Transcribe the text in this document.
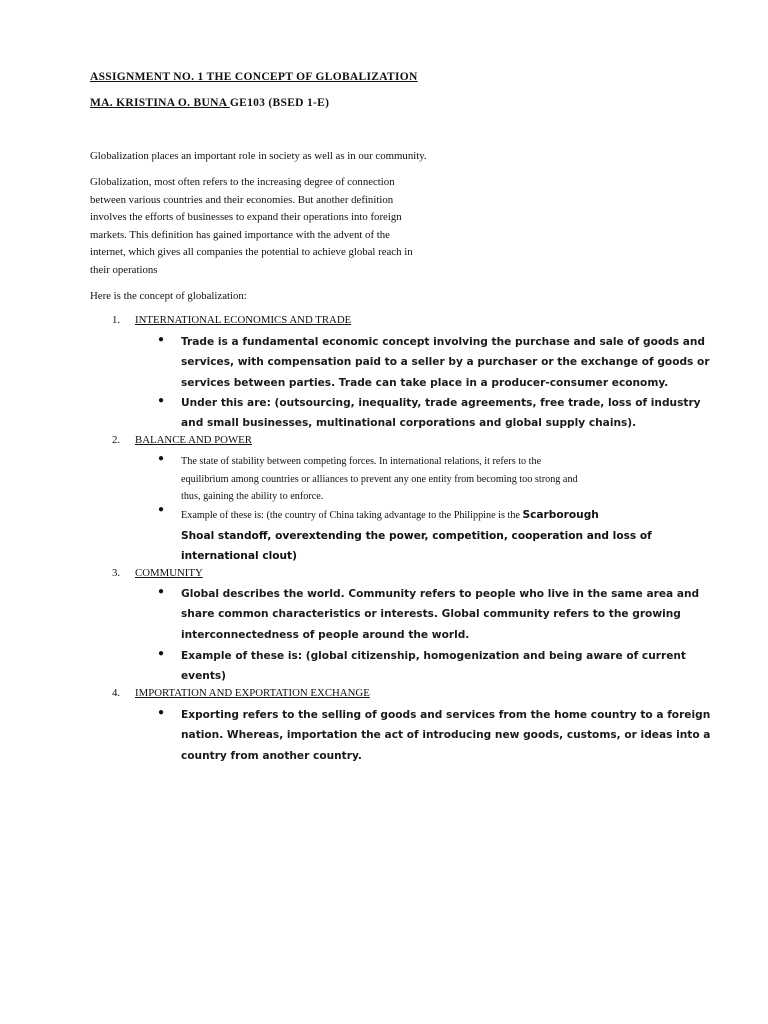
ASSIGNMENT NO. 1 THE CONCEPT OF GLOBALIZATION
MA. KRISTINA O. BUNA GE103 (BSED 1-E)
Globalization places an important role in society as well as in our community.
Globalization, most often refers to the increasing degree of connection
between various countries and their economies. But another definition
involves the efforts of businesses to expand their operations into foreign
markets. This definition has gained importance with the advent of the
internet, which gives all companies the potential to achieve global reach in
their operations
Here is the concept of globalization:
1. INTERNATIONAL ECONOMICS AND TRADE
● Trade is a fundamental economic concept involving the purchase and sale of goods and
services, with compensation paid to a seller by a purchaser or the exchange of goods or
services between parties. Trade can take place in a producer-consumer economy.
● Under this are: (outsourcing, inequality, trade agreements, free trade, loss of industry
and small businesses, multinational corporations and global supply chains).
2. BALANCE AND POWER
● The state of stability between competing forces. In international relations, it refers to the
equilibrium among countries or alliances to prevent any one entity from becoming too strong and
thus, gaining the ability to enforce.
●
Example of these is: (the country of China taking advantage to the Philippine is the Scarborough
Shoal standoff, overextending the power, competition, cooperation and loss of
international clout)
3. COMMUNITY
● Global describes the world. Community refers to people who live in the same area and
share common characteristics or interests. Global community refers to the growing
interconnectedness of people around the world.
● Example of these is: (global citizenship, homogenization and being aware of current
events)
4. IMPORTATION AND EXPORTATION EXCHANGE
● Exporting refers to the selling of goods and services from the home country to a foreign
nation. Whereas, importation the act of introducing new goods, customs, or ideas into a
country from another country.
